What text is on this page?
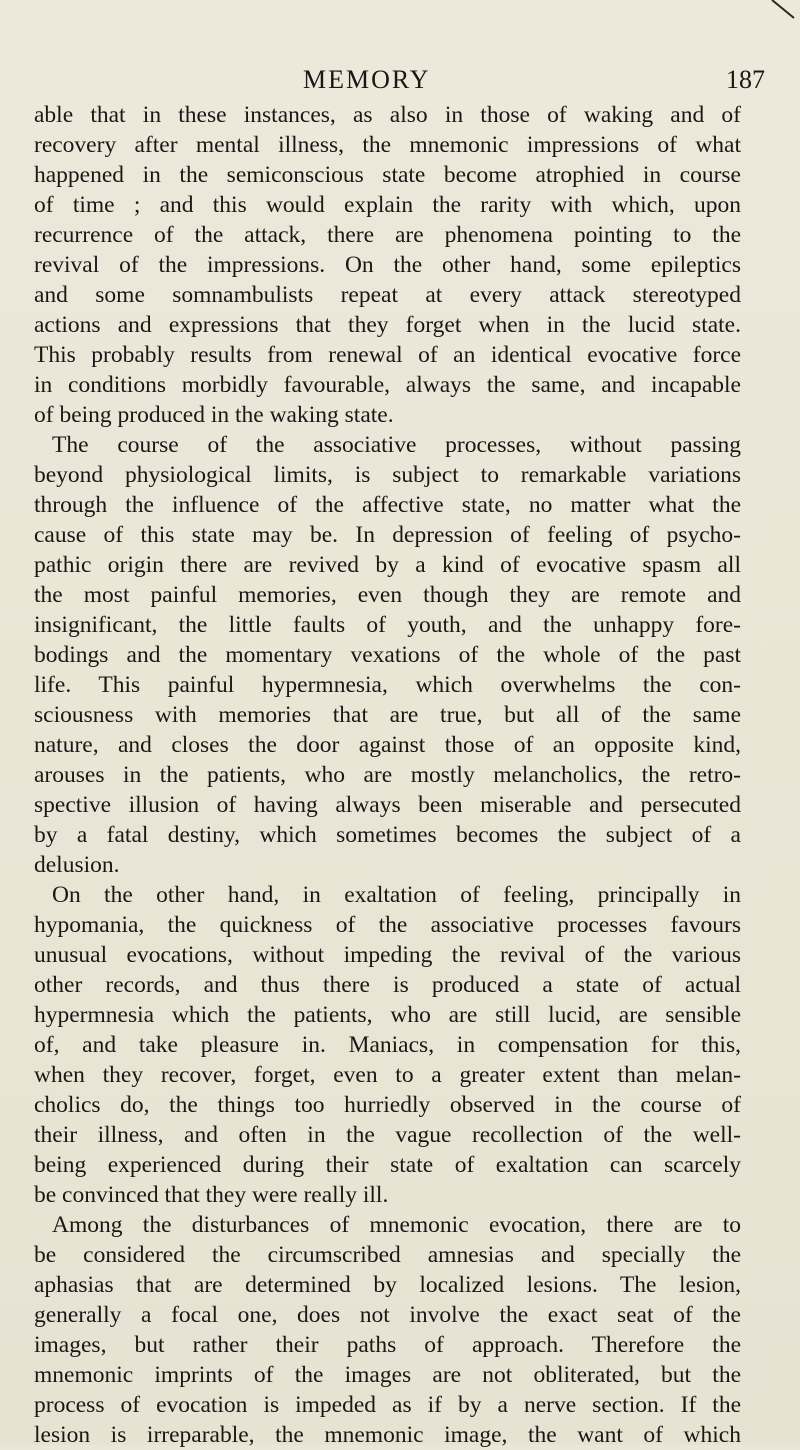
MEMORY	187
able that in these instances, as also in those of waking and of
recovery after mental illness, the mnemonic impressions of what
happened in the semiconscious state become atrophied in course
of time ; and this would explain the rarity with which, upon
recurrence of the attack, there are phenomena pointing to the
revival of the impressions. On the other hand, some epileptics
and some somnambulists repeat at every attack stereotyped
actions and expressions that they forget when in the lucid state.
This probably results from renewal of an identical evocative force
in conditions morbidly favourable, always the same, and incapable
of being produced in the waking state.
The course of the associative processes, without passing
beyond physiological limits, is subject to remarkable variations
through the influence of the affective state, no matter what the
cause of this state may be. In depression of feeling of psycho-
pathic origin there are revived by a kind of evocative spasm all
the most painful memories, even though they are remote and
insignificant, the little faults of youth, and the unhappy fore-
bodings and the momentary vexations of the whole of the past
life. This painful hypermnesia, which overwhelms the con-
sciousness with memories that are true, but all of the same
nature, and closes the door against those of an opposite kind,
arouses in the patients, who are mostly melancholics, the retro-
spective illusion of having always been miserable and persecuted
by a fatal destiny, which sometimes becomes the subject of a
delusion.
On the other hand, in exaltation of feeling, principally in
hypomania, the quickness of the associative processes favours
unusual evocations, without impeding the revival of the various
other records, and thus there is produced a state of actual
hypermnesia which the patients, who are still lucid, are sensible
of, and take pleasure in. Maniacs, in compensation for this,
when they recover, forget, even to a greater extent than melan-
cholics do, the things too hurriedly observed in the course of
their illness, and often in the vague recollection of the well-
being experienced during their state of exaltation can scarcely
be convinced that they were really ill.
Among the disturbances of mnemonic evocation, there are to
be considered the circumscribed amnesias and specially the
aphasias that are determined by localized lesions. The lesion,
generally a focal one, does not involve the exact seat of the
images, but rather their paths of approach. Therefore the
mnemonic imprints of the images are not obliterated, but the
process of evocation is impeded as if by a nerve section. If the
lesion is irreparable, the mnemonic image, the want of which
